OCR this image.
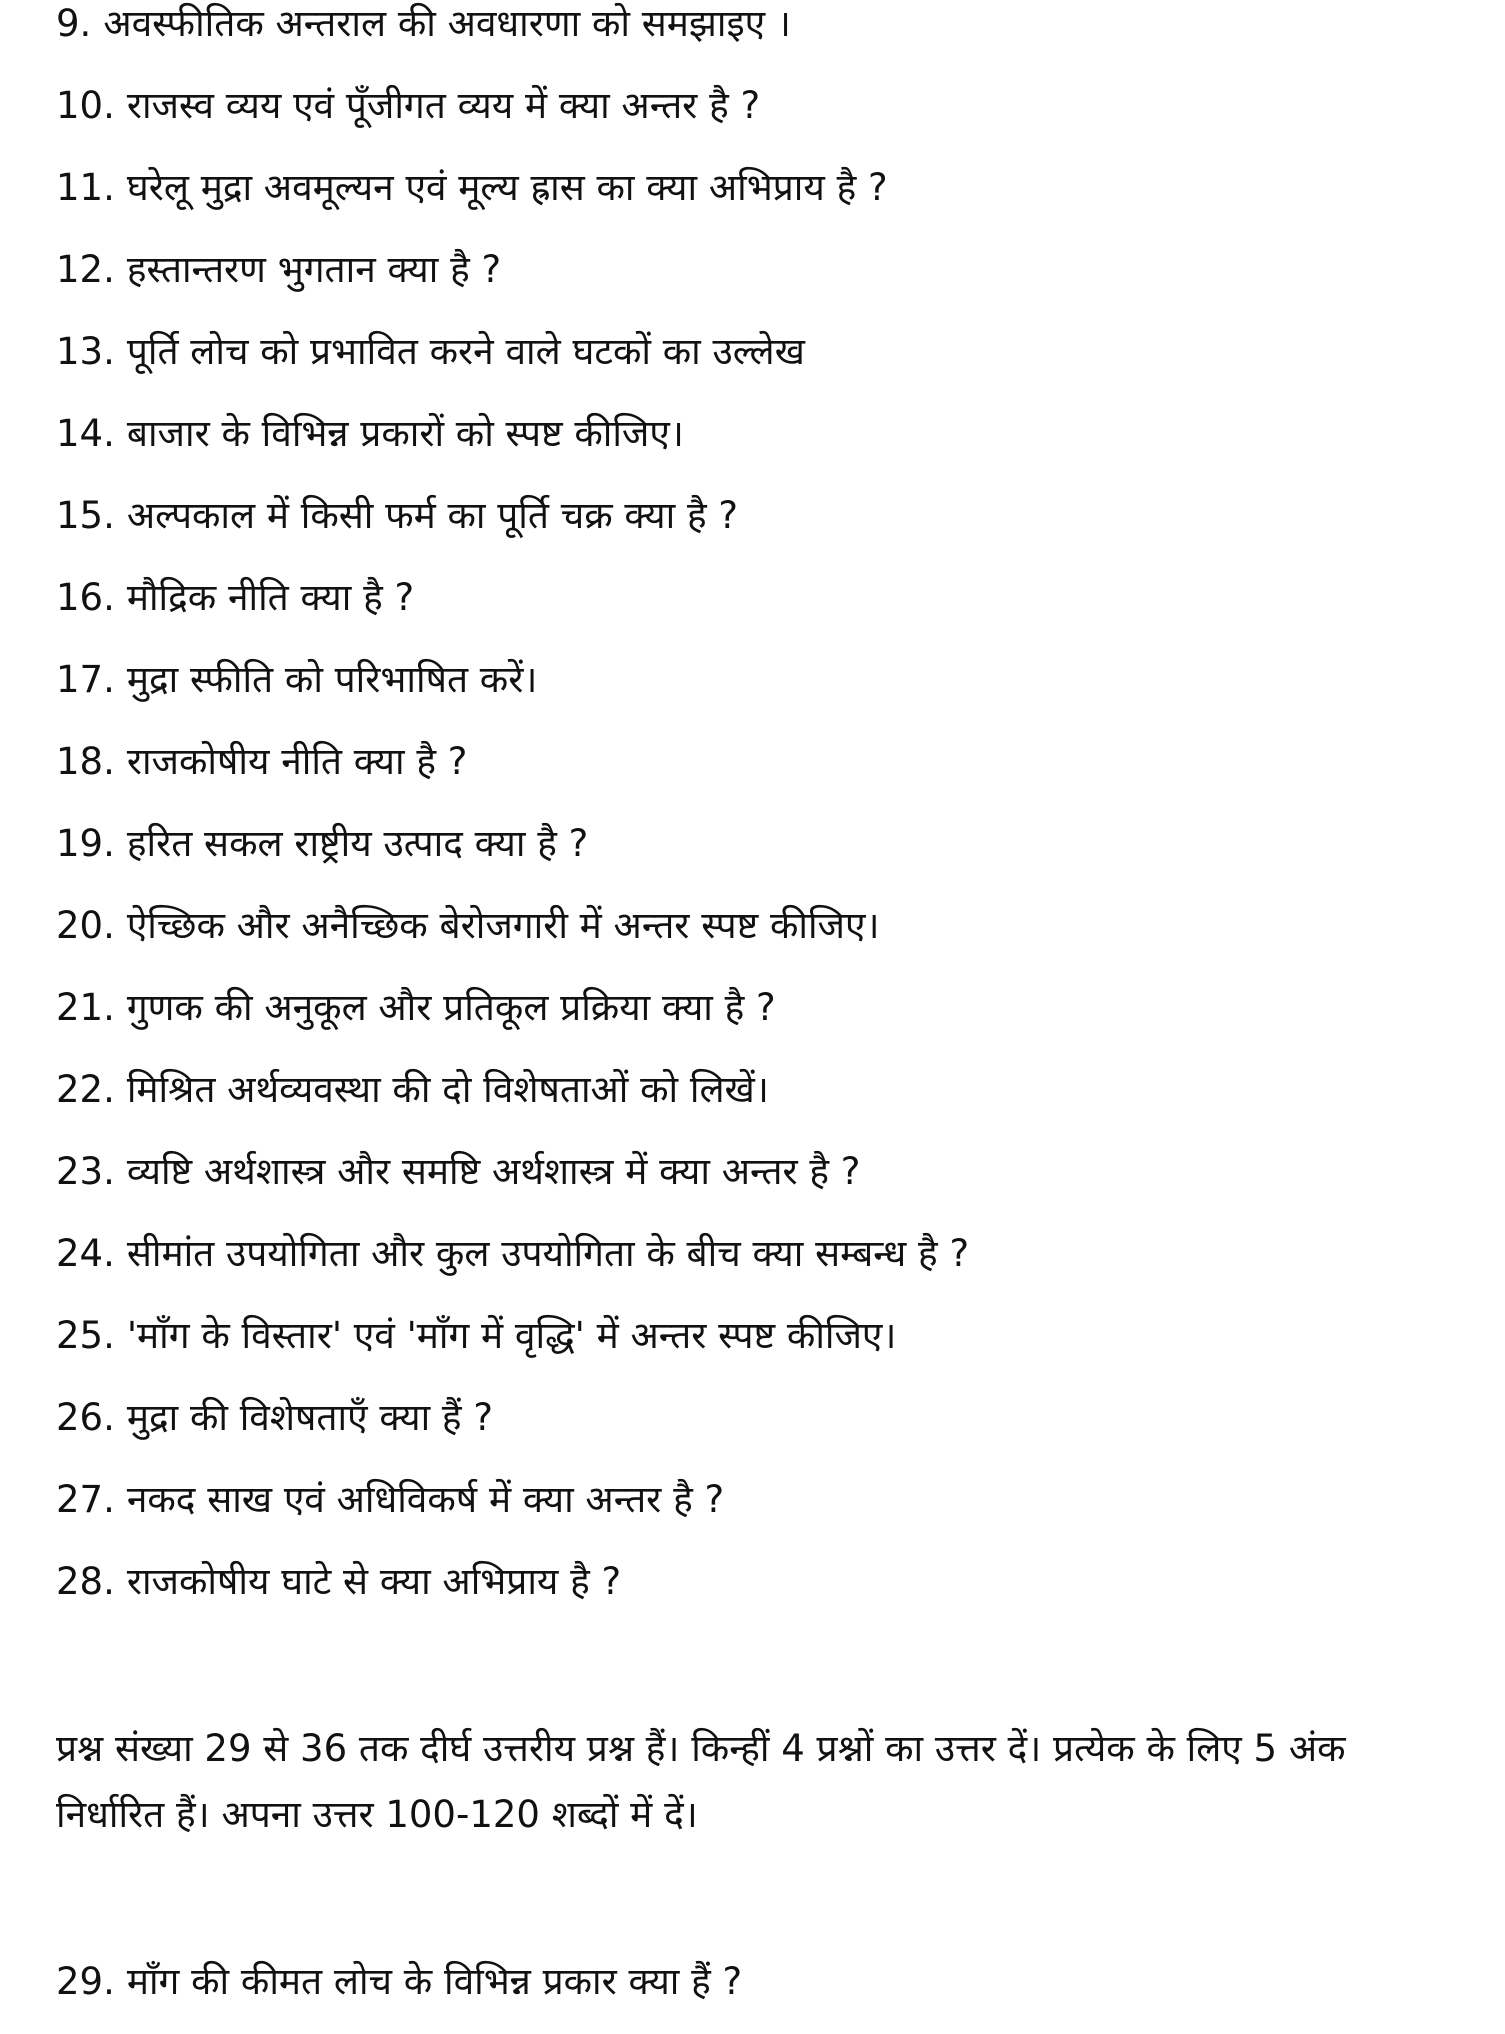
9. अवस्फीतिक अन्तराल की अवधारणा को समझाइए ।
10. राजस्व व्यय एवं पूँजीगत व्यय में क्या अन्तर है ?
11. घरेलू मुद्रा अवमूल्यन एवं मूल्य ह्रास का क्या अभिप्राय है ?
12. हस्तान्तरण भुगतान क्या है ?
13. पूर्ति लोच को प्रभावित करने वाले घटकों का उल्लेख
14. बाजार के विभिन्न प्रकारों को स्पष्ट कीजिए।
15. अल्पकाल में किसी फर्म का पूर्ति चक्र क्या है ?
16. मौद्रिक नीति क्या है ?
17. मुद्रा स्फीति को परिभाषित करें।
18. राजकोषीय नीति क्या है ?
19. हरित सकल राष्ट्रीय उत्पाद क्या है ?
20. ऐच्छिक और अनैच्छिक बेरोजगारी में अन्तर स्पष्ट कीजिए।
21. गुणक की अनुकूल और प्रतिकूल प्रक्रिया क्या है ?
22. मिश्रित अर्थव्यवस्था की दो विशेषताओं को लिखें।
23. व्यष्टि अर्थशास्त्र और समष्टि अर्थशास्त्र में क्या अन्तर है ?
24. सीमांत उपयोगिता और कुल उपयोगिता के बीच क्या सम्बन्ध है ?
25. 'माँग के विस्तार' एवं 'माँग में वृद्धि' में अन्तर स्पष्ट कीजिए।
26. मुद्रा की विशेषताएँ क्या हैं ?
27. नकद साख एवं अधिविकर्ष में क्या अन्तर है ?
28. राजकोषीय घाटे से क्या अभिप्राय है ?

प्रश्न संख्या 29 से 36 तक दीर्घ उत्तरीय प्रश्न हैं। किन्हीं 4 प्रश्नों का उत्तर दें। प्रत्येक के लिए 5 अंक निर्धारित हैं। अपना उत्तर 100-120 शब्दों में दें।

29. माँग की कीमत लोच के विभिन्न प्रकार क्या हैं ?
